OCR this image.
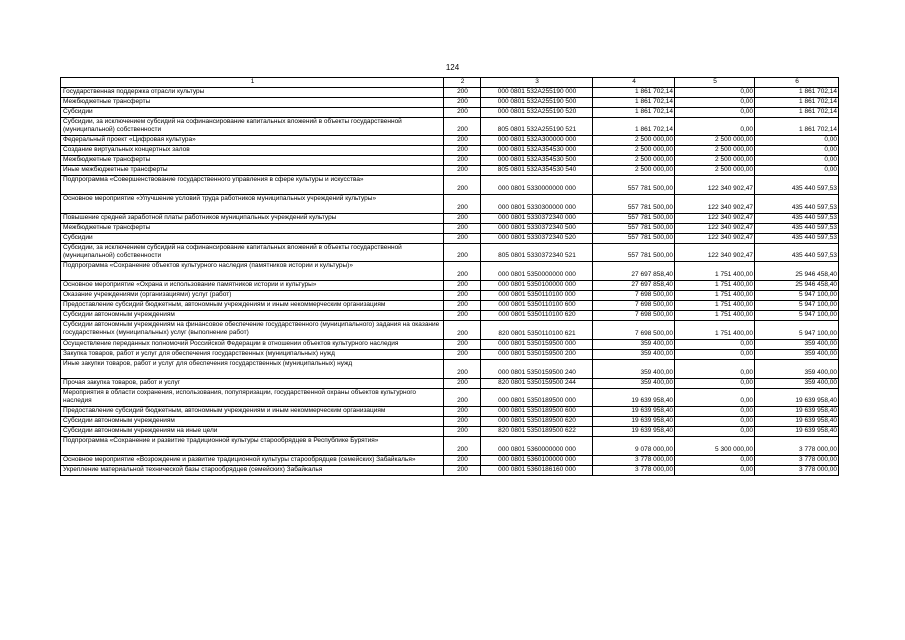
124
1	2	3	4	5	6
Государственная поддержка отрасли культуры	200	000 0801 532A255190 000	1 861 702,14	0,00	1 861 702,14
Межбюджетные трансферты	200	000 0801 532A255190 500	1 861 702,14	0,00	1 861 702,14
Субсидии	200	000 0801 532A255190 520	1 861 702,14	0,00	1 861 702,14
Субсидии, за исключением субсидий на софинансирование капитальных вложений в объекты государственной (муниципальной) собственности	200	805 0801 532A255190 521	1 861 702,14	0,00	1 861 702,14
Федеральный проект «Цифровая культура»	200	000 0801 532A300000 000	2 500 000,00	2 500 000,00	0,00
Создание виртуальных концертных залов	200	000 0801 532A354530 000	2 500 000,00	2 500 000,00	0,00
Межбюджетные трансферты	200	000 0801 532A354530 500	2 500 000,00	2 500 000,00	0,00
Иные межбюджетные трансферты	200	805 0801 532A354530 540	2 500 000,00	2 500 000,00	0,00
Подпрограмма «Совершенствование государственного управления в сфере культуры и искусства»	200	000 0801 5330000000 000	557 781 500,00	122 340 902,47	435 440 597,53
Основное мероприятие «Улучшение условий труда работников муниципальных учреждений культуры»	200	000 0801 5330300000 000	557 781 500,00	122 340 902,47	435 440 597,53
Повышение средней заработной платы работников муниципальных учреждений культуры	200	000 0801 5330372340 000	557 781 500,00	122 340 902,47	435 440 597,53
Межбюджетные трансферты	200	000 0801 5330372340 500	557 781 500,00	122 340 902,47	435 440 597,53
Субсидии	200	000 0801 5330372340 520	557 781 500,00	122 340 902,47	435 440 597,53
Субсидии, за исключением субсидий на софинансирование капитальных вложений в объекты государственной (муниципальной) собственности	200	805 0801 5330372340 521	557 781 500,00	122 340 902,47	435 440 597,53
Подпрограмма «Сохранение объектов культурного наследия (памятников истории и культуры)»	200	000 0801 5350000000 000	27 697 858,40	1 751 400,00	25 946 458,40
Основное мероприятие «Охрана и использование памятников истории и культуры»	200	000 0801 5350100000 000	27 697 858,40	1 751 400,00	25 946 458,40
Оказание учреждениями (организациями) услуг (работ)	200	000 0801 5350110100 000	7 698 500,00	1 751 400,00	5 947 100,00
Предоставление субсидий бюджетным, автономным учреждениям и иным некоммерческим организациям	200	000 0801 5350110100 600	7 698 500,00	1 751 400,00	5 947 100,00
Субсидии автономным учреждениям	200	000 0801 5350110100 620	7 698 500,00	1 751 400,00	5 947 100,00
Субсидии автономным учреждениям на финансовое обеспечение государственного (муниципального) задания на оказание государственных (муниципальных) услуг (выполнение работ)	200	820 0801 5350110100 621	7 698 500,00	1 751 400,00	5 947 100,00
Осуществление переданных полномочий Российской Федерации в отношении объектов культурного наследия	200	000 0801 5350159500 000	359 400,00	0,00	359 400,00
Закупка товаров, работ и услуг для обеспечения государственных (муниципальных) нужд	200	000 0801 5350159500 200	359 400,00	0,00	359 400,00
Иные закупки товаров, работ и услуг для обеспечения государственных (муниципальных) нужд	200	000 0801 5350159500 240	359 400,00	0,00	359 400,00
Прочая закупка товаров, работ и услуг	200	820 0801 5350159500 244	359 400,00	0,00	359 400,00
Мероприятия в области сохранения, использования, популяризации, государственной охраны объектов культурного наследия	200	000 0801 5350189500 000	19 639 958,40	0,00	19 639 958,40
Предоставление субсидий бюджетным, автономным учреждениям и иным некоммерческим организациям	200	000 0801 5350189500 600	19 639 958,40	0,00	19 639 958,40
Субсидии автономным учреждениям	200	000 0801 5350189500 620	19 639 958,40	0,00	19 639 958,40
Субсидии автономным учреждениям на иные цели	200	820 0801 5350189500 622	19 639 958,40	0,00	19 639 958,40
Подпрограмма «Сохранение и развитие традиционной культуры старообрядцев в Республике Бурятия»	200	000 0801 5360000000 000	9 078 000,00	5 300 000,00	3 778 000,00
Основное мероприятие «Возрождение и развитие традиционной культуры старообрядцев (семейских) Забайкалья»	200	000 0801 5360100000 000	3 778 000,00	0,00	3 778 000,00
Укрепление материальной технической базы старообрядцев (семейских) Забайкалья	200	000 0801 5360186160 000	3 778 000,00	0,00	3 778 000,00
